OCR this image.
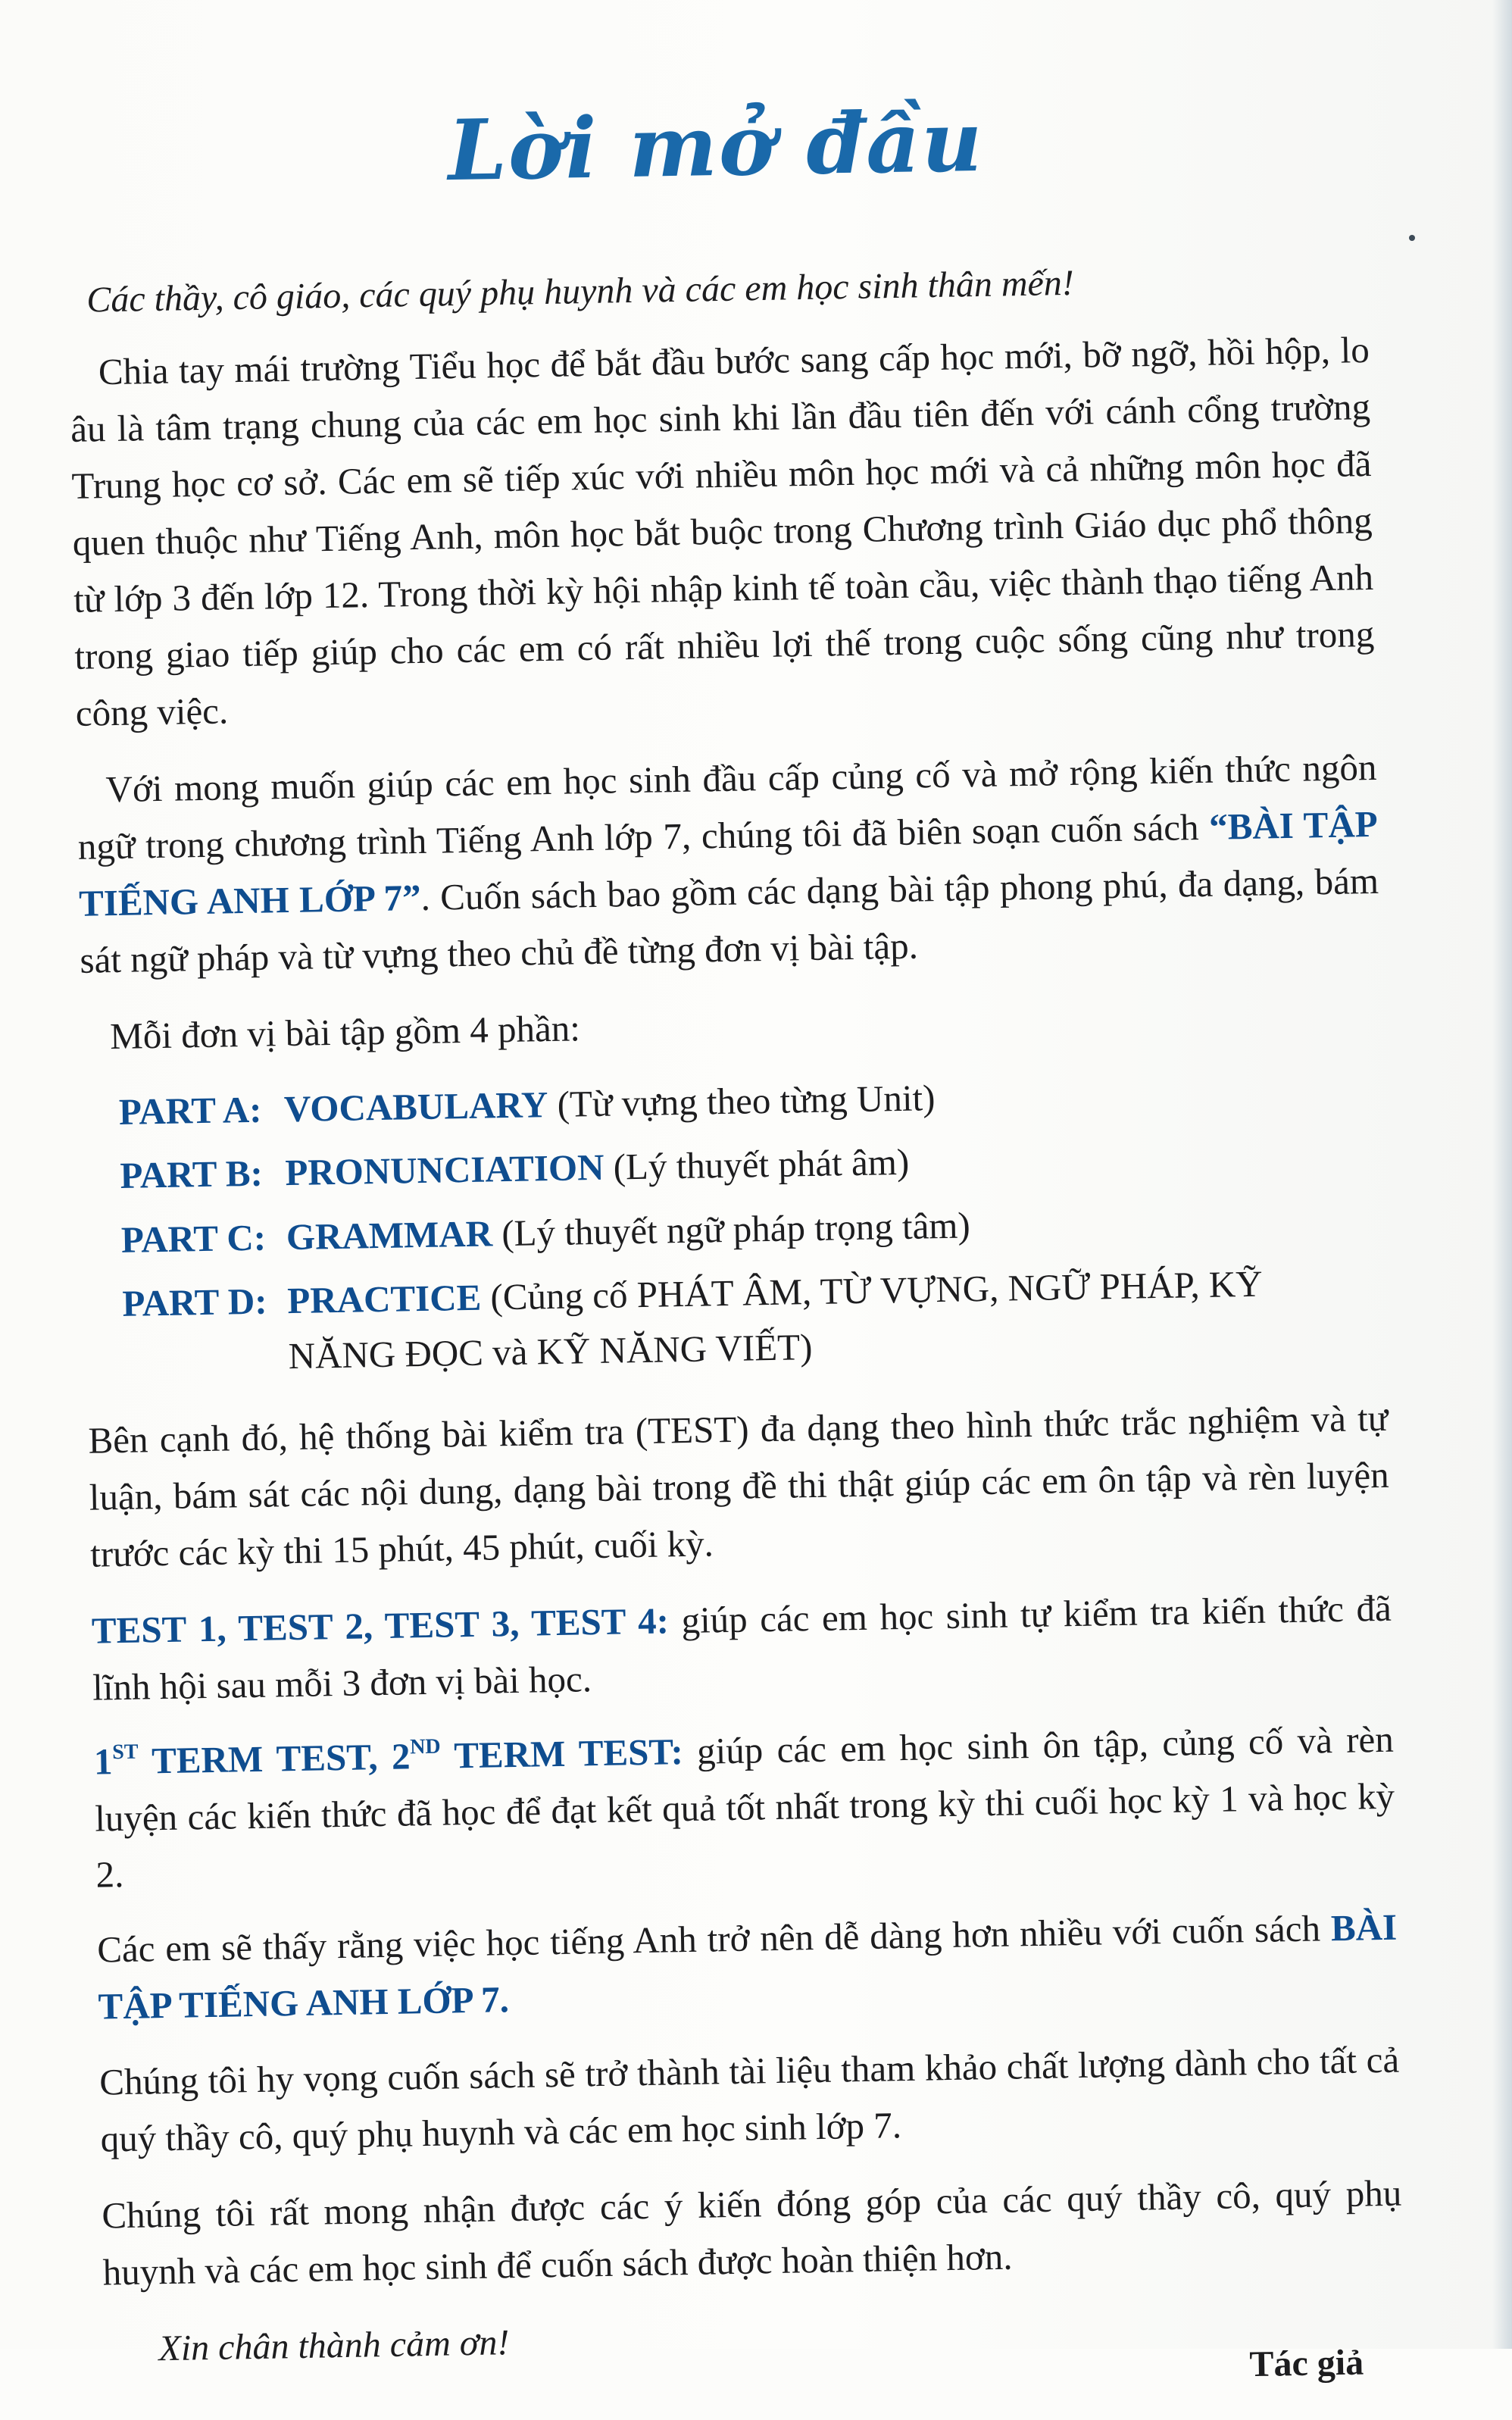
Lời mở đầu

Các thầy, cô giáo, các quý phụ huynh và các em học sinh thân mến!

Chia tay mái trường Tiểu học để bắt đầu bước sang cấp học mới, bỡ ngỡ, hồi hộp, lo âu là tâm trạng chung của các em học sinh khi lần đầu tiên đến với cánh cổng trường Trung học cơ sở. Các em sẽ tiếp xúc với nhiều môn học mới và cả những môn học đã quen thuộc như Tiếng Anh, môn học bắt buộc trong Chương trình Giáo dục phổ thông từ lớp 3 đến lớp 12. Trong thời kỳ hội nhập kinh tế toàn cầu, việc thành thạo tiếng Anh trong giao tiếp giúp cho các em có rất nhiều lợi thế trong cuộc sống cũng như trong công việc.

Với mong muốn giúp các em học sinh đầu cấp củng cố và mở rộng kiến thức ngôn ngữ trong chương trình Tiếng Anh lớp 7, chúng tôi đã biên soạn cuốn sách “BÀI TẬP TIẾNG ANH LỚP 7”. Cuốn sách bao gồm các dạng bài tập phong phú, đa dạng, bám sát ngữ pháp và từ vựng theo chủ đề từng đơn vị bài tập.

Mỗi đơn vị bài tập gồm 4 phần:

PART A: VOCABULARY (Từ vựng theo từng Unit)
PART B: PRONUNCIATION (Lý thuyết phát âm)
PART C: GRAMMAR (Lý thuyết ngữ pháp trọng tâm)
PART D: PRACTICE (Củng cố PHÁT ÂM, TỪ VỰNG, NGỮ PHÁP, KỸ NĂNG ĐỌC và KỸ NĂNG VIẾT)

Bên cạnh đó, hệ thống bài kiểm tra (TEST) đa dạng theo hình thức trắc nghiệm và tự luận, bám sát các nội dung, dạng bài trong đề thi thật giúp các em ôn tập và rèn luyện trước các kỳ thi 15 phút, 45 phút, cuối kỳ.

TEST 1, TEST 2, TEST 3, TEST 4: giúp các em học sinh tự kiểm tra kiến thức đã lĩnh hội sau mỗi 3 đơn vị bài học.

1ST TERM TEST, 2ND TERM TEST: giúp các em học sinh ôn tập, củng cố và rèn luyện các kiến thức đã học để đạt kết quả tốt nhất trong kỳ thi cuối học kỳ 1 và học kỳ 2.

Các em sẽ thấy rằng việc học tiếng Anh trở nên dễ dàng hơn nhiều với cuốn sách BÀI TẬP TIẾNG ANH LỚP 7.

Chúng tôi hy vọng cuốn sách sẽ trở thành tài liệu tham khảo chất lượng dành cho tất cả quý thầy cô, quý phụ huynh và các em học sinh lớp 7.

Chúng tôi rất mong nhận được các ý kiến đóng góp của các quý thầy cô, quý phụ huynh và các em học sinh để cuốn sách được hoàn thiện hơn.

Xin chân thành cảm ơn!	Tác giả
